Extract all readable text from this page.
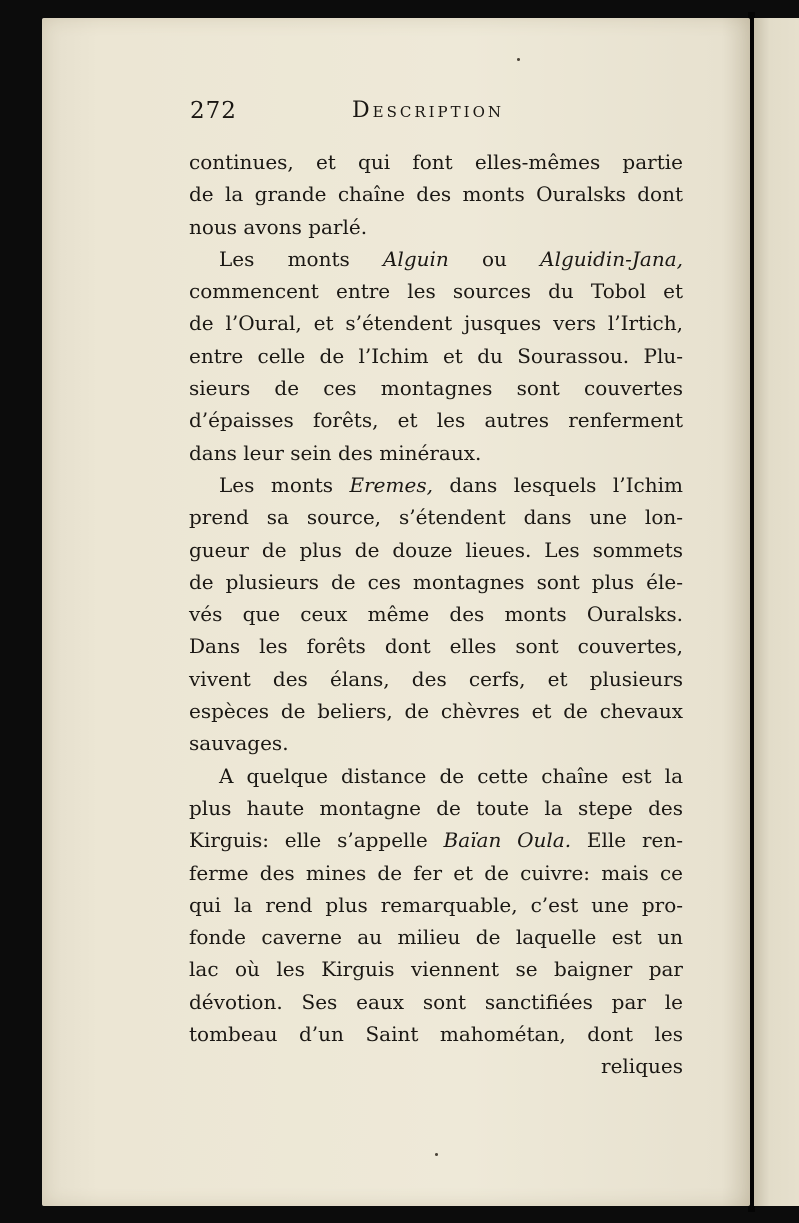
272	Description
continues, et qui font elles-mêmes partie
de la grande chaîne des monts Ouralsks dont
nous avons parlé.
Les monts Alguin ou Alguidin-Jana,
commencent entre les sources du Tobol et
de l’Oural, et s’étendent jusques vers l’Irtich,
entre celle de l’Ichim et du Sourassou. Plu-
sieurs de ces montagnes sont couvertes
d’épaisses forêts, et les autres renferment
dans leur sein des minéraux.
Les monts Eremes, dans lesquels l’Ichim
prend sa source, s’étendent dans une lon-
gueur de plus de douze lieues. Les sommets
de plusieurs de ces montagnes sont plus éle-
vés que ceux même des monts Ouralsks.
Dans les forêts dont elles sont couvertes,
vivent des élans, des cerfs, et plusieurs
espèces de beliers, de chèvres et de chevaux
sauvages.
A quelque distance de cette chaîne est la
plus haute montagne de toute la stepe des
Kirguis: elle s’appelle Baïan Oula. Elle ren-
ferme des mines de fer et de cuivre: mais ce
qui la rend plus remarquable, c’est une pro-
fonde caverne au milieu de laquelle est un
lac où les Kirguis viennent se baigner par
dévotion. Ses eaux sont sanctifiées par le
tombeau d’un Saint mahométan, dont les
reliques
